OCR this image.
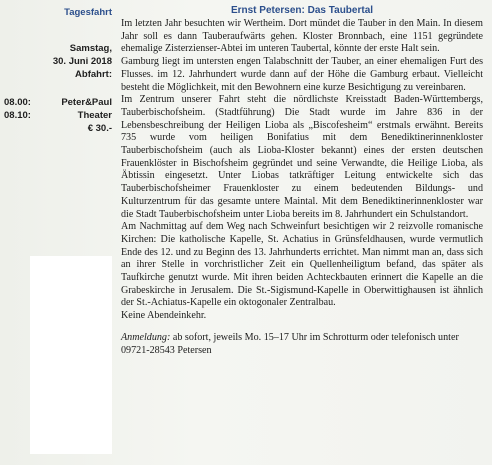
Tagesfahrt
Samstag,
30. Juni 2018
Abfahrt:
08.00:	Peter&Paul
08.10:	Theater
€ 30.-
Ernst Petersen: Das Taubertal

Im letzten Jahr besuchten wir Wertheim. Dort mündet die Tauber in den Main. In diesem Jahr soll es dann Tauberaufwärts gehen. Kloster Bronnbach, eine 1151 gegründete ehemalige Zisterzienser-Abtei im unteren Taubertal, könnte der erste Halt sein.

Gamburg liegt im untersten engen Talabschnitt der Tauber, an einer ehemaligen Furt des Flusses. im 12. Jahrhundert wurde dann auf der Höhe die Gamburg erbaut. Vielleicht besteht die Möglichkeit, mit den Bewohnern eine kurze Besichtigung zu vereinbaren.

Im Zentrum unserer Fahrt steht die nördlichste Kreisstadt Baden-Württembergs, Tauberbischofsheim. (Stadtführung) Die Stadt wurde im Jahre 836 in der Lebensbeschreibung der Heiligen Lioba als „Biscofesheim“ erstmals erwähnt. Bereits 735 wurde vom heiligen Bonifatius mit dem Benediktinerinnenkloster Tauberbischofsheim (auch als Lioba-Kloster bekannt) eines der ersten deutschen Frauenklöster in Bischofsheim gegründet und seine Verwandte, die Heilige Lioba, als Äbtissin eingesetzt. Unter Liobas tatkräftiger Leitung entwickelte sich das Tauberbischofsheimer Frauenkloster zu einem bedeutenden Bildungs- und Kulturzentrum für das gesamte untere Maintal. Mit dem Benediktinerinnenkloster war die Stadt Tauberbischofsheim unter Lioba bereits im 8. Jahrhundert ein Schulstandort.

Am Nachmittag auf dem Weg nach Schweinfurt besichtigen wir 2 reizvolle romanische Kirchen: Die katholische Kapelle, St. Achatius in Grünsfeldhausen, wurde vermutlich Ende des 12. und zu Beginn des 13. Jahrhunderts errichtet. Man nimmt man an, dass sich an ihrer Stelle in vorchristlicher Zeit ein Quellenheiligtum befand, das später als Taufkirche genutzt wurde. Mit ihren beiden Achteckbauten erinnert die Kapelle an die Grabeskirche in Jerusalem. Die St.-Sigismund-Kapelle in Oberwittighausen ist ähnlich der St.-Achiatus-Kapelle ein oktogonaler Zentralbau.

Keine Abendeinkehr.

Anmeldung: ab sofort, jeweils Mo. 15–17 Uhr im Schrotturm oder telefonisch unter 09721-28543 Petersen
